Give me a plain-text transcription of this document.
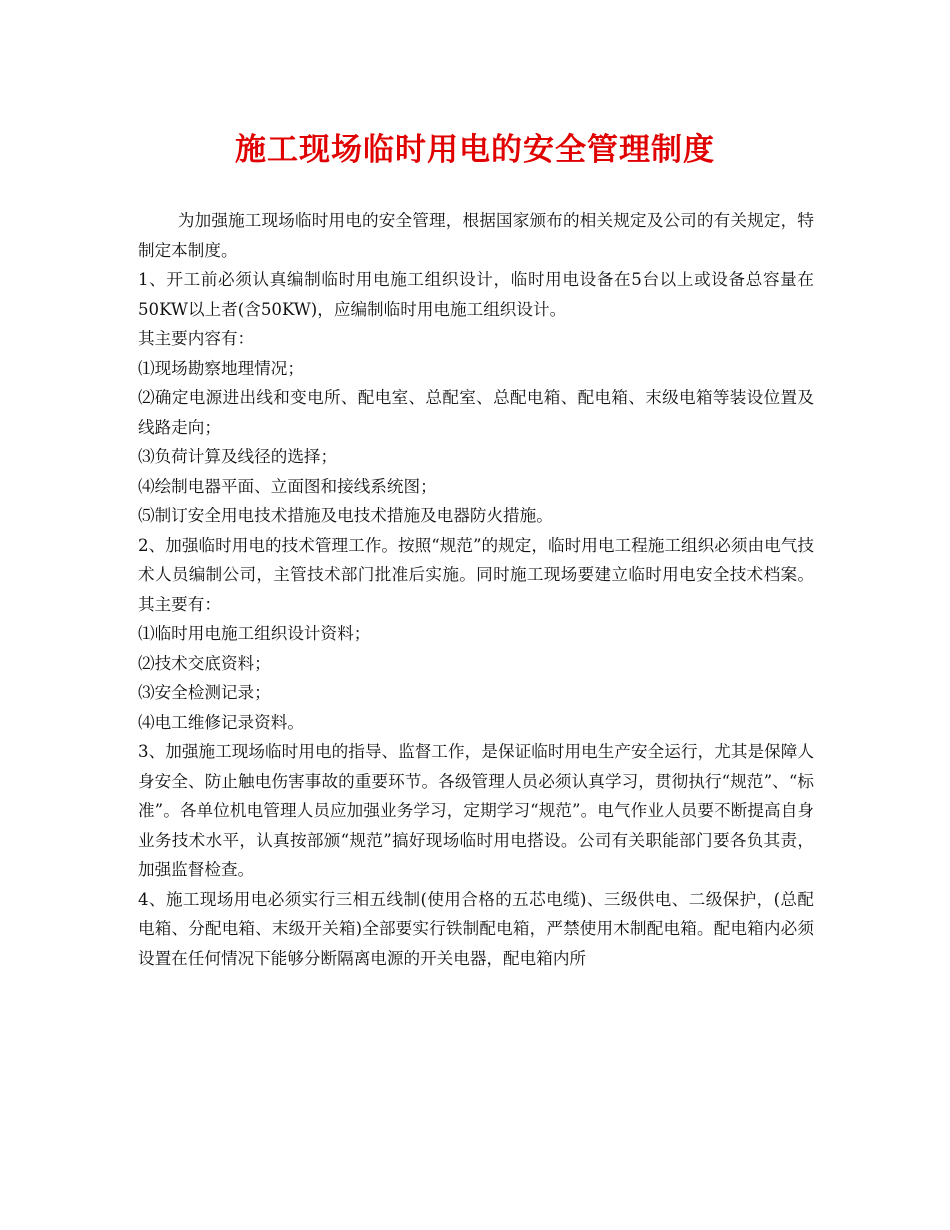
施工现场临时用电的安全管理制度

为加强施工现场临时用电的安全管理，根据国家颁布的相关规定及公司的有关规定，特制定本制度。

1、开工前必须认真编制临时用电施工组织设计，临时用电设备在5台以上或设备总容量在50KW以上者(含50KW)，应编制临时用电施工组织设计。

其主要内容有：

⑴现场勘察地理情况；

⑵确定电源进出线和变电所、配电室、总配室、总配电箱、配电箱、末级电箱等装设位置及线路走向；

⑶负荷计算及线径的选择；

⑷绘制电器平面、立面图和接线系统图；

⑸制订安全用电技术措施及电技术措施及电器防火措施。

2、加强临时用电的技术管理工作。按照“规范”的规定，临时用电工程施工组织必须由电气技术人员编制公司，主管技术部门批准后实施。同时施工现场要建立临时用电安全技术档案。其主要有：

⑴临时用电施工组织设计资料；

⑵技术交底资料；

⑶安全检测记录；

⑷电工维修记录资料。

3、加强施工现场临时用电的指导、监督工作，是保证临时用电生产安全运行，尤其是保障人身安全、防止触电伤害事故的重要环节。各级管理人员必须认真学习，贯彻执行“规范”、“标准”。各单位机电管理人员应加强业务学习，定期学习“规范”。电气作业人员要不断提高自身业务技术水平，认真按部颁“规范”搞好现场临时用电搭设。公司有关职能部门要各负其责，加强监督检查。

4、施工现场用电必须实行三相五线制(使用合格的五芯电缆)、三级供电、二级保护，(总配电箱、分配电箱、末级开关箱)全部要实行铁制配电箱，严禁使用木制配电箱。配电箱内必须设置在任何情况下能够分断隔离电源的开关电器，配电箱内所
